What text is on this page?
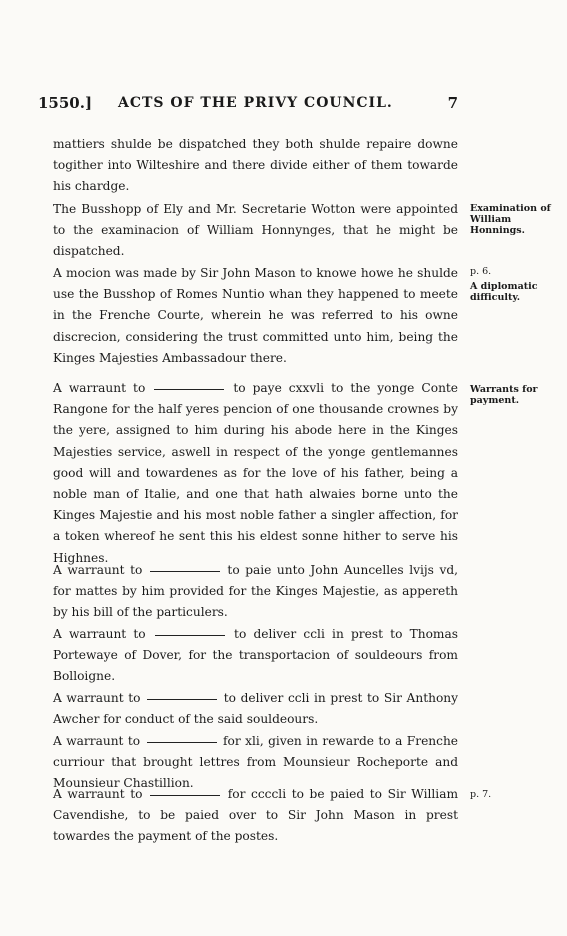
1550.] ACTS OF THE PRIVY COUNCIL.	7
mattiers shulde be dispatched they both shulde repaire downe togither into Wilteshire and there divide either of them towarde his chardge.
The Busshopp of Ely and Mr. Secretarie Wotton were appointed to the examinacion of William Honnynges, that he might be dispatched.
A mocion was made by Sir John Mason to knowe howe he shulde use the Busshop of Romes Nuntio whan they happened to meete in the Frenche Courte, wherein he was referred to his owne discrecion, considering the trust committed unto him, being the Kinges Majesties Ambassadour there.
A warraunt to	to paye cxxvli to the yonge Conte Rangone for the half yeres pencion of one thousande crownes by the yere, assigned to him during his abode here in the Kinges Majesties service, aswell in respect of the yonge gentlemannes good will and towardenes as for the love of his father, being a noble man of Italie, and one that hath alwaies borne unto the Kinges Majestie and his most noble father a singler affection, for a token whereof he sent this his eldest sonne hither to serve his Highnes.
A warraunt to	to paie unto John Auncelles lvijs vd, for mattes by him provided for the Kinges Majestie, as appereth by his bill of the particulers.
A warraunt to	to deliver ccli in prest to Thomas Portewaye of Dover, for the transportacion of souldeours from Bolloigne.
A warraunt to	to deliver ccli in prest to Sir Anthony Awcher for conduct of the said souldeours.
A warraunt to	for xli, given in rewarde to a Frenche curriour that brought lettres from Mounsieur Rocheporte and Mounsieur Chastillion.
A warraunt to	for ccccli to be paied to Sir William Cavendishe, to be paied over to Sir John Mason in prest towardes the payment of the postes.
Examination of William Honnings.
p. 6.
A diplomatic difficulty.
Warrants for payment.
p. 7.
